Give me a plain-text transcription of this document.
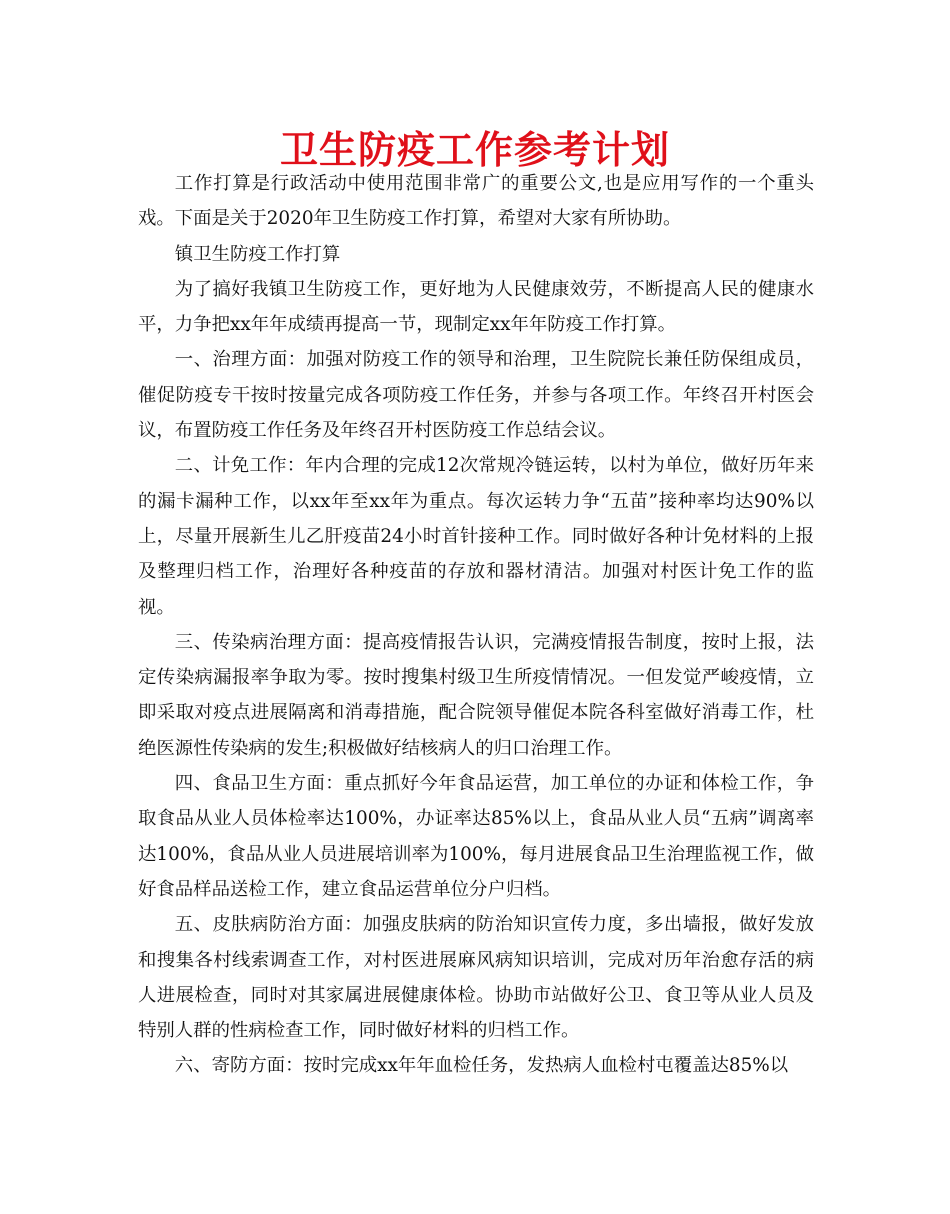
卫生防疫工作参考计划

工作打算是行政活动中使用范围非常广的重要公文,也是应用写作的一个重头戏。下面是关于2020年卫生防疫工作打算，希望对大家有所协助。

镇卫生防疫工作打算

为了搞好我镇卫生防疫工作，更好地为人民健康效劳，不断提高人民的健康水平，力争把xx年年成绩再提高一节，现制定xx年年防疫工作打算。

一、治理方面：加强对防疫工作的领导和治理，卫生院院长兼任防保组成员，催促防疫专干按时按量完成各项防疫工作任务，并参与各项工作。年终召开村医会议，布置防疫工作任务及年终召开村医防疫工作总结会议。

二、计免工作：年内合理的完成12次常规冷链运转，以村为单位，做好历年来的漏卡漏种工作，以xx年至xx年为重点。每次运转力争“五苗”接种率均达90%以上，尽量开展新生儿乙肝疫苗24小时首针接种工作。同时做好各种计免材料的上报及整理归档工作，治理好各种疫苗的存放和器材清洁。加强对村医计免工作的监视。

三、传染病治理方面：提高疫情报告认识，完满疫情报告制度，按时上报，法定传染病漏报率争取为零。按时搜集村级卫生所疫情情况。一但发觉严峻疫情，立即采取对疫点进展隔离和消毒措施，配合院领导催促本院各科室做好消毒工作，杜绝医源性传染病的发生;积极做好结核病人的归口治理工作。

四、食品卫生方面：重点抓好今年食品运营，加工单位的办证和体检工作，争取食品从业人员体检率达100%，办证率达85%以上，食品从业人员“五病”调离率达100%，食品从业人员进展培训率为100%，每月进展食品卫生治理监视工作，做好食品样品送检工作，建立食品运营单位分户归档。

五、皮肤病防治方面：加强皮肤病的防治知识宣传力度，多出墙报，做好发放和搜集各村线索调查工作，对村医进展麻风病知识培训，完成对历年治愈存活的病人进展检查，同时对其家属进展健康体检。协助市站做好公卫、食卫等从业人员及特别人群的性病检查工作，同时做好材料的归档工作。

六、寄防方面：按时完成xx年年血检任务，发热病人血检村屯覆盖达85%以
